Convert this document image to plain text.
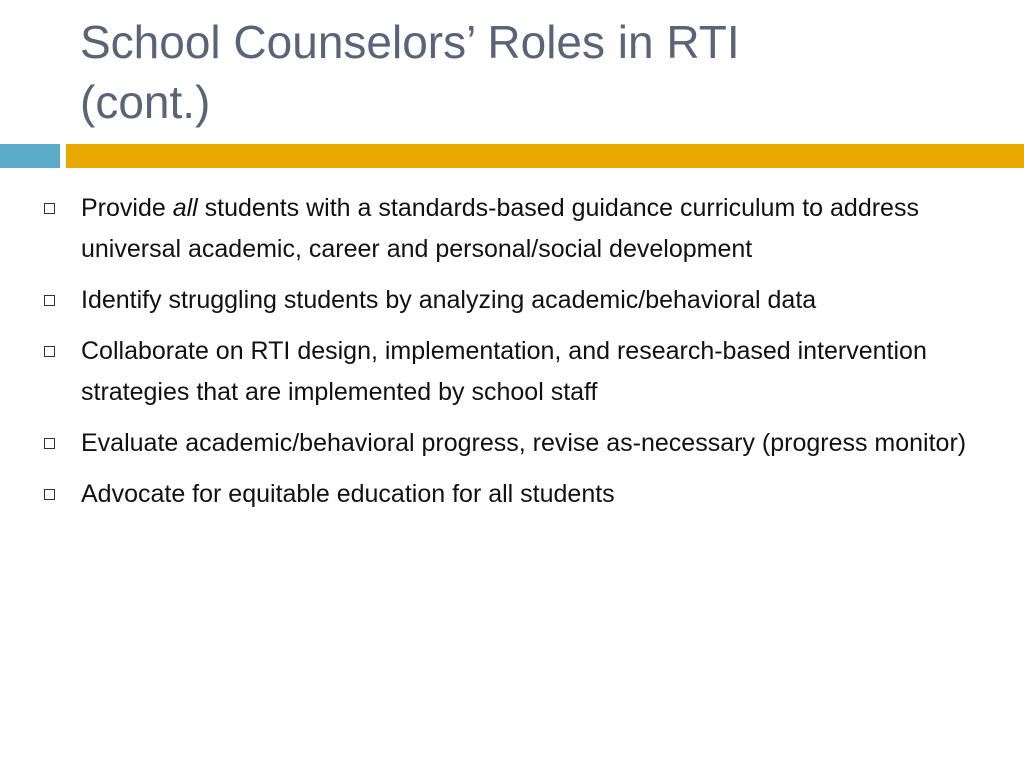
School Counselors’ Roles in RTI
(cont.)
Provide all students with a standards-based guidance curriculum to address universal academic, career and personal/social development
Identify struggling students by analyzing academic/behavioral data
Collaborate on RTI design, implementation, and research-based intervention strategies that are implemented by school staff
Evaluate academic/behavioral progress, revise as-necessary (progress monitor)
Advocate for equitable education for all students
